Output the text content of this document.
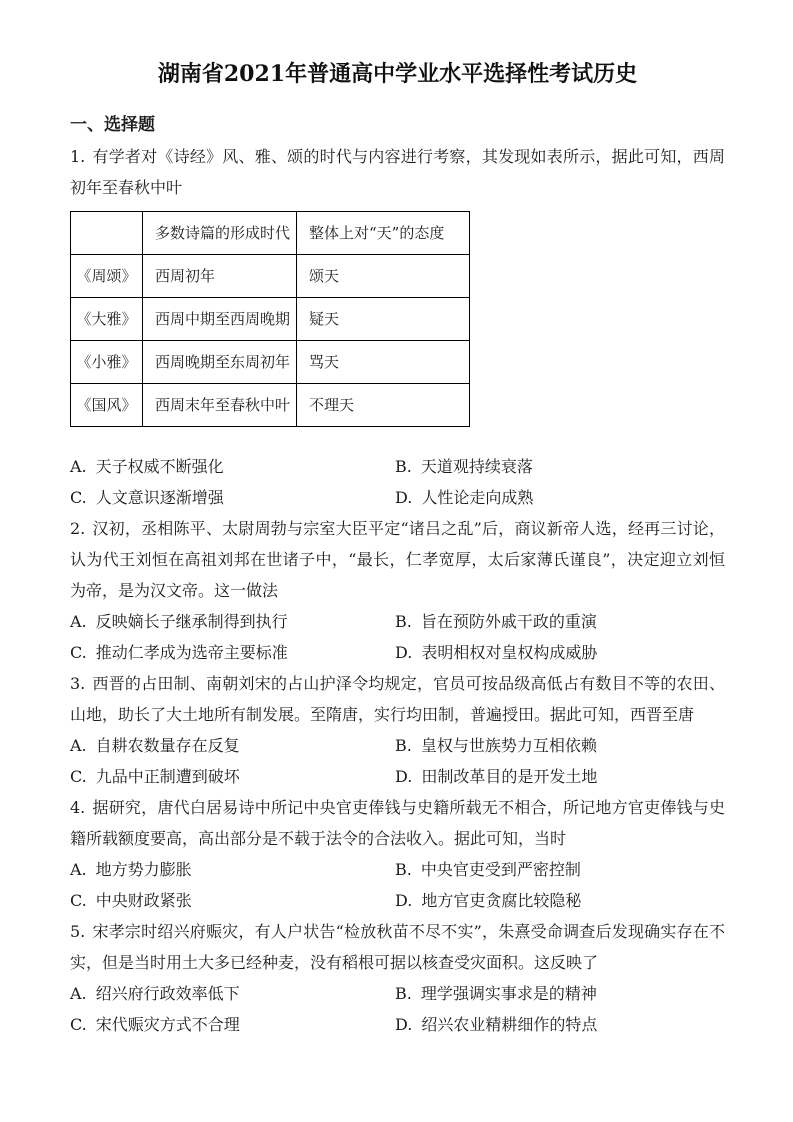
湖南省2021年普通高中学业水平选择性考试历史
一、选择题

1. 有学者对《诗经》风、雅、颂的时代与内容进行考察，其发现如表所示，据此可知，西周初年至春秋中叶

	多数诗篇的形成时代	整体上对“天”的态度
《周颂》	西周初年	颂天
《大雅》	西周中期至西周晚期	疑天
《小雅》	西周晚期至东周初年	骂天
《国风》	西周末年至春秋中叶	不理天
A. 天子权威不断强化	B. 天道观持续衰落
C. 人文意识逐渐增强	D. 人性论走向成熟

2. 汉初，丞相陈平、太尉周勃与宗室大臣平定“诸吕之乱”后，商议新帝人选，经再三讨论，认为代王刘恒在高祖刘邦在世诸子中，“最长，仁孝宽厚，太后家薄氏谨良”，决定迎立刘恒为帝，是为汉文帝。这一做法

A. 反映嫡长子继承制得到执行	B. 旨在预防外戚干政的重演
C. 推动仁孝成为选帝主要标准	D. 表明相权对皇权构成威胁

3. 西晋的占田制、南朝刘宋的占山护泽令均规定，官员可按品级高低占有数目不等的农田、山地，助长了大土地所有制发展。至隋唐，实行均田制，普遍授田。据此可知，西晋至唐

A. 自耕农数量存在反复	B. 皇权与世族势力互相依赖
C. 九品中正制遭到破坏	D. 田制改革目的是开发土地

4. 据研究，唐代白居易诗中所记中央官吏俸钱与史籍所载无不相合，所记地方官吏俸钱与史籍所载额度要高，高出部分是不载于法令的合法收入。据此可知，当时

A. 地方势力膨胀	B. 中央官吏受到严密控制
C. 中央财政紧张	D. 地方官吏贪腐比较隐秘

5. 宋孝宗时绍兴府赈灾，有人户状告“检放秋苗不尽不实”，朱熹受命调查后发现确实存在不实，但是当时用土大多已经种麦，没有稻根可据以核查受灾面积。这反映了

A. 绍兴府行政效率低下	B. 理学强调实事求是的精神
C. 宋代赈灾方式不合理	D. 绍兴农业精耕细作的特点
